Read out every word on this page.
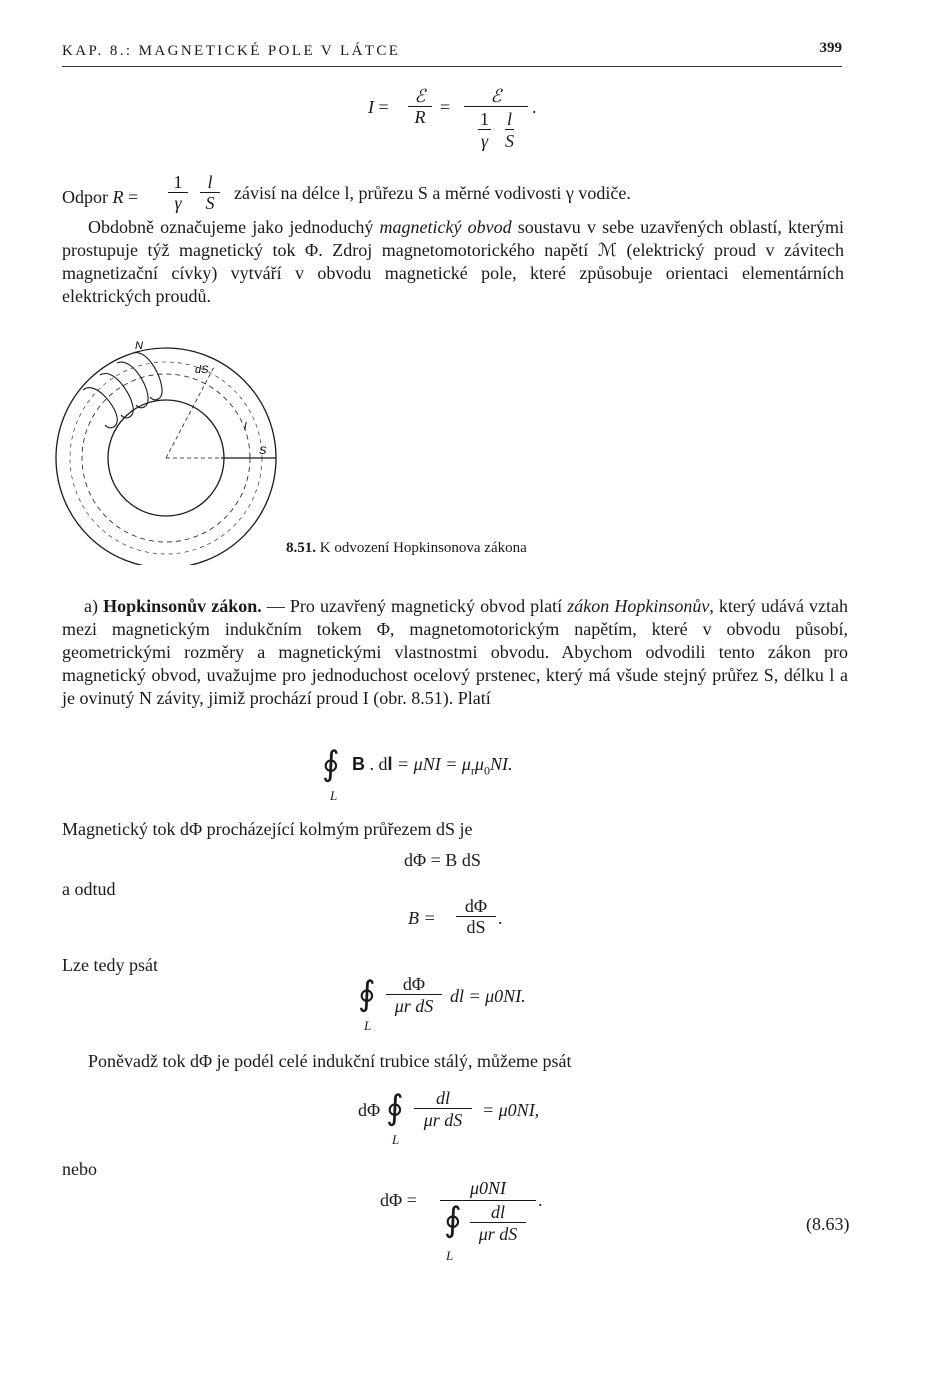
KAP. 8.: MAGNETICKÉ POLE V LÁTCE	399
I =
ℰ
R =
ℰ
1
γ
l
S
.
Odpor R =
1
γ
l
S	závisí na délce l, průřezu S a měrné vodivosti γ vodiče.
Obdobně označujeme jako jednoduchý magnetický obvod soustavu v sebe uzavřených oblastí, kterými prostupuje týž magnetický tok Φ. Zdroj magnetomotorického napětí ℳ (elektrický proud v závitech magnetizační cívky) vytváří v obvodu magnetické pole, které způsobuje orientaci elementárních elektrických proudů.
N
dS
l
S
8.51. K odvození Hopkinsonova zákona
a) Hopkinsonův zákon. — Pro uzavřený magnetický obvod platí zákon Hopkinsonův, který udává vztah mezi magnetickým indukčním tokem Φ, magnetomotorickým napětím, které v obvodu působí, geometrickými rozměry a magnetickými vlastnostmi obvodu. Abychom odvodili tento zákon pro magnetický obvod, uvažujme pro jednoduchost ocelový prstenec, který má všude stejný průřez S, délku l a je ovinutý N závity, jimiž prochází proud I (obr. 8.51). Platí
∮
L
B . dl = $\mu NI = \mu_r\mu_0NI$.
Magnetický tok dΦ procházející kolmým průřezem dS je
dΦ = B dS
a odtud
$B = \frac{d\Phi}{dS}$ .
Lze tedy psát
∮
L
$\frac{d\Phi}{\text{μr dS}}$ dl = μ0NI.
Poněvadž tok dΦ je podél celé indukční trubice stálý, můžeme psát
dΦ ∮
L
$\frac{dl}{\text{μr dS}} = \mu 0NI$,
nebo
dΦ =
μ0NI
∮
L
$\frac{dl}{\text{μr dS}}$
.
(8.63)
